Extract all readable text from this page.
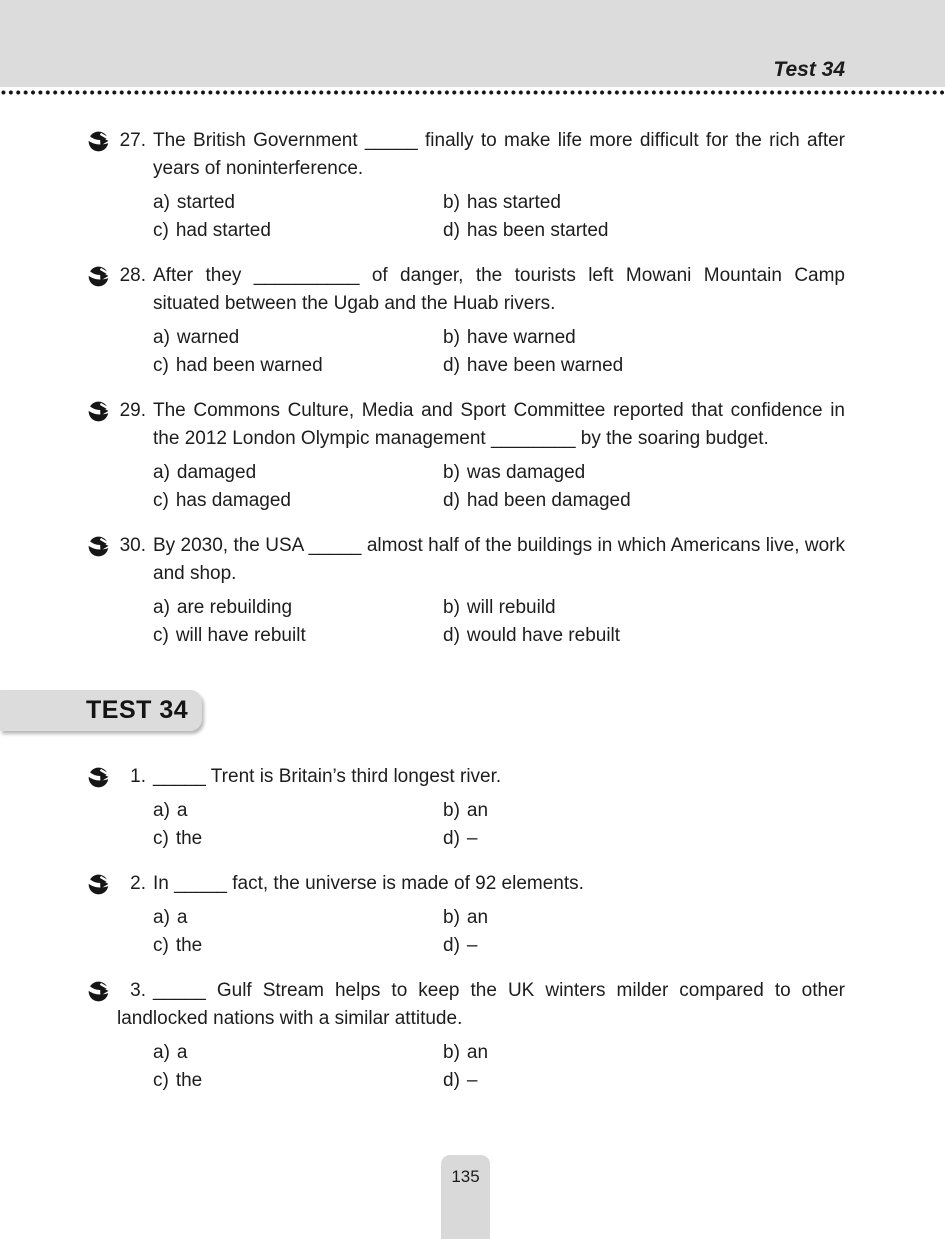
Test 34
27. The British Government _____ finally to make life more difficult for the rich after years of noninterference.

a) started	b) has started
c) had started	d) has been started
28. After they __________ of danger, the tourists left Mowani Mountain Camp situated between the Ugab and the Huab rivers.

a) warned	b) have warned
c) had been warned	d) have been warned
29. The Commons Culture, Media and Sport Committee reported that confidence in the 2012 London Olympic management ________ by the soaring budget.

a) damaged	b) was damaged
c) has damaged	d) had been damaged
30. By 2030, the USA _____ almost half of the buildings in which Americans live, work and shop.

a) are rebuilding	b) will rebuild
c) will have rebuilt	d) would have rebuilt
TEST 34
1. _____ Trent is Britain’s third longest river.

a) a	b) an
c) the	d) –
2. In _____ fact, the universe is made of 92 elements.

a) a	b) an
c) the	d) –
3. _____ Gulf Stream helps to keep the UK winters milder compared to other landlocked nations with a similar attitude.

a) a	b) an
c) the	d) –
135
